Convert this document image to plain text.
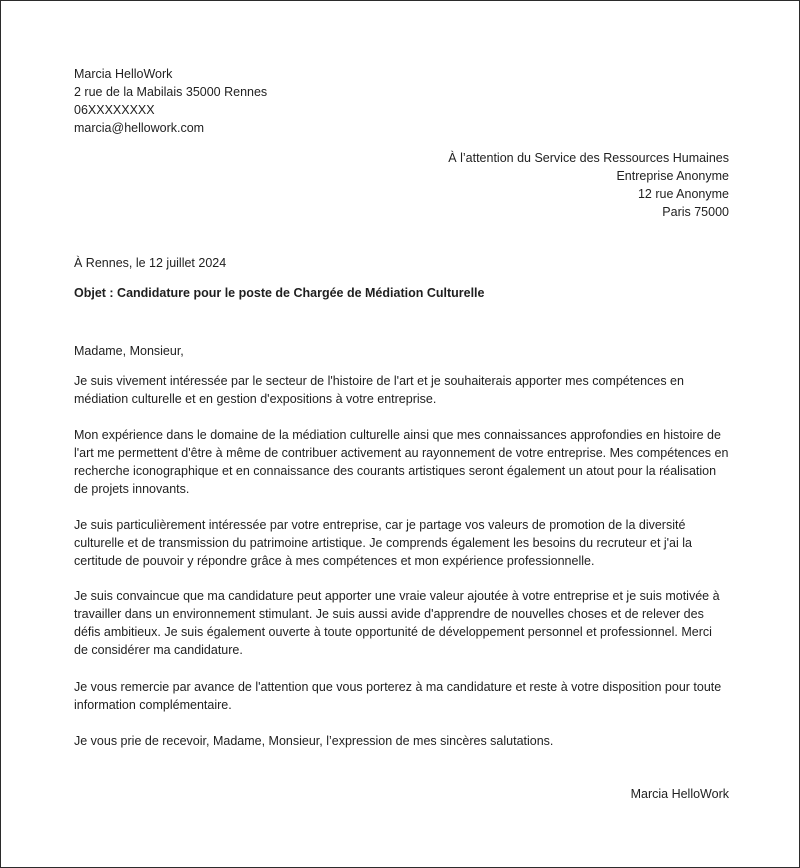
Marcia HelloWork
2 rue de la Mabilais 35000 Rennes
06XXXXXXXX
marcia@hellowork.com
À l’attention du Service des Ressources Humaines
Entreprise Anonyme
12 rue Anonyme
Paris 75000
À Rennes, le 12 juillet 2024
Objet : Candidature pour le poste de Chargée de Médiation Culturelle
Madame, Monsieur,
Je suis vivement intéressée par le secteur de l'histoire de l'art et je souhaiterais apporter mes compétences en médiation culturelle et en gestion d'expositions à votre entreprise.
Mon expérience dans le domaine de la médiation culturelle ainsi que mes connaissances approfondies en histoire de l'art me permettent d'être à même de contribuer activement au rayonnement de votre entreprise. Mes compétences en recherche iconographique et en connaissance des courants artistiques seront également un atout pour la réalisation de projets innovants.
Je suis particulièrement intéressée par votre entreprise, car je partage vos valeurs de promotion de la diversité culturelle et de transmission du patrimoine artistique. Je comprends également les besoins du recruteur et j'ai la certitude de pouvoir y répondre grâce à mes compétences et mon expérience professionnelle.
Je suis convaincue que ma candidature peut apporter une vraie valeur ajoutée à votre entreprise et je suis motivée à travailler dans un environnement stimulant. Je suis aussi avide d'apprendre de nouvelles choses et de relever des défis ambitieux. Je suis également ouverte à toute opportunité de développement personnel et professionnel. Merci de considérer ma candidature.
Je vous remercie par avance de l'attention que vous porterez à ma candidature et reste à votre disposition pour toute information complémentaire.
Je vous prie de recevoir, Madame, Monsieur, l’expression de mes sincères salutations.
Marcia HelloWork
